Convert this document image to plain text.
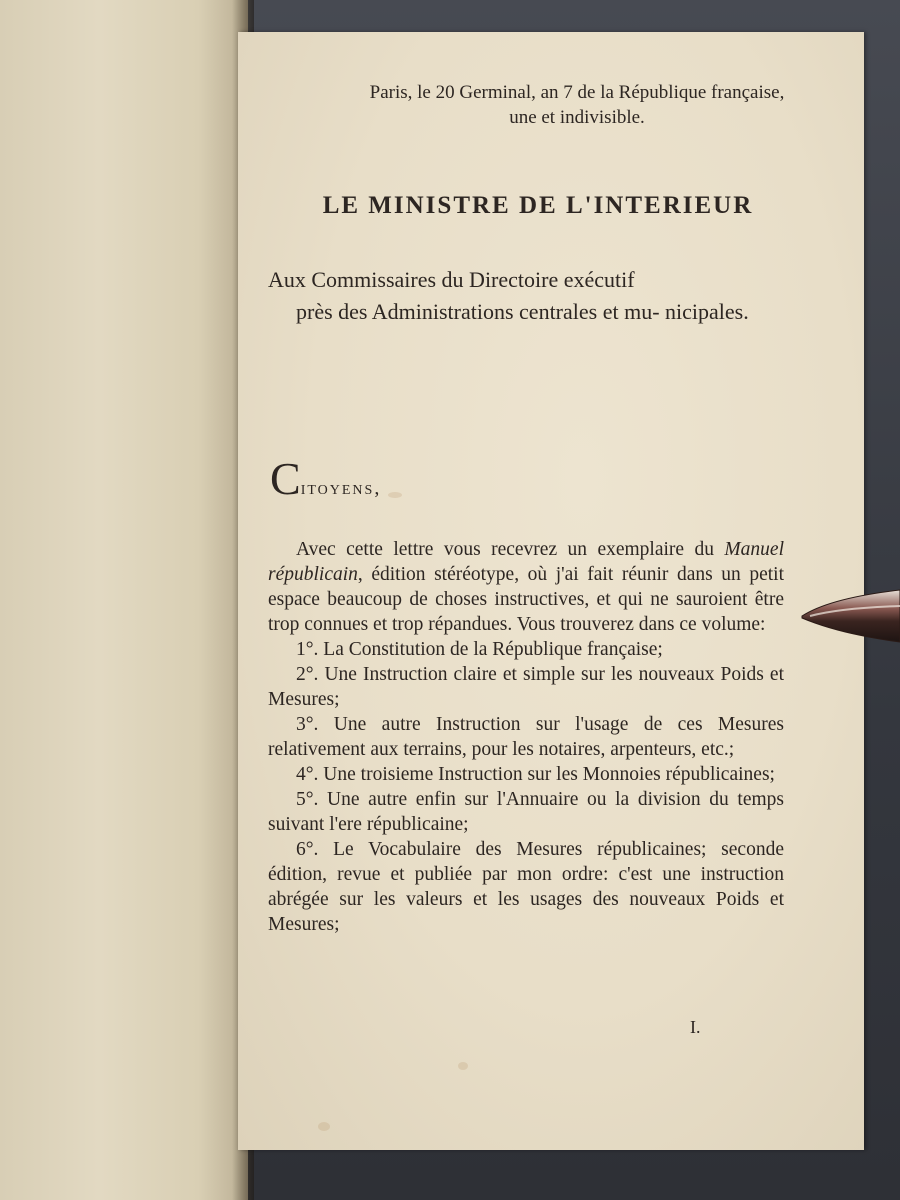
Paris, le 20 Germinal, an 7 de la République française, une et indivisible.
LE MINISTRE DE L'INTERIEUR
Aux Commissaires du Directoire exécutif
près des Administrations centrales et mu- nicipales.
Citoyens,

Avec cette lettre vous recevrez un exemplaire du Manuel républicain, édition stéréotype, où j'ai fait réunir dans un petit espace beaucoup de choses instructives, et qui ne sauroient être trop connues et trop répandues. Vous trouverez dans ce volume:

1°. La Constitution de la République française;

2°. Une Instruction claire et simple sur les nouveaux Poids et Mesures;

3°. Une autre Instruction sur l'usage de ces Mesures relativement aux terrains, pour les notaires, arpenteurs, etc.;

4°. Une troisieme Instruction sur les Monnoies républicaines;

5°. Une autre enfin sur l'Annuaire ou la division du temps suivant l'ere républicaine;

6°. Le Vocabulaire des Mesures républicaines; seconde édition, revue et publiée par mon ordre: c'est une instruction abrégée sur les valeurs et les usages des nouveaux Poids et Mesures;

I.
